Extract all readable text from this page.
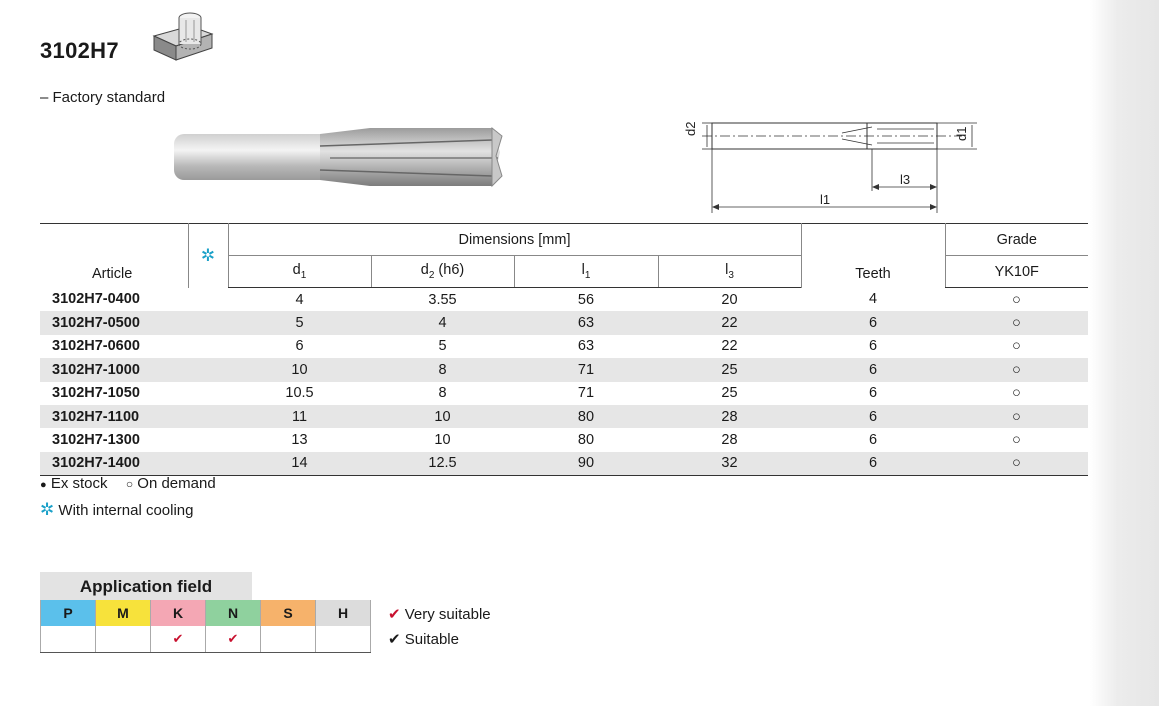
3102H7
– Factory standard
d2	d1
l3
l1
Article	✲	Dimensions [mm]				Teeth	Grade
		$d_1$	$d_2$ (h6)	$l_1$	$l_3$		YK10F
3102H7-0400		4	3.55	56	20	4	○
3102H7-0500		5	4	63	22	6	○
3102H7-0600		6	5	63	22	6	○
3102H7-1000		10	8	71	25	6	○
3102H7-1050		10.5	8	71	25	6	○
3102H7-1100		11	10	80	28	6	○
3102H7-1300		13	10	80	28	6	○
3102H7-1400		14	12.5	90	32	6	○
● Ex stock ○ On demand
✲ With internal cooling
Application field
P	M	K	N	S	H
		✔	✔		
✔ Very suitable
✔ Suitable
